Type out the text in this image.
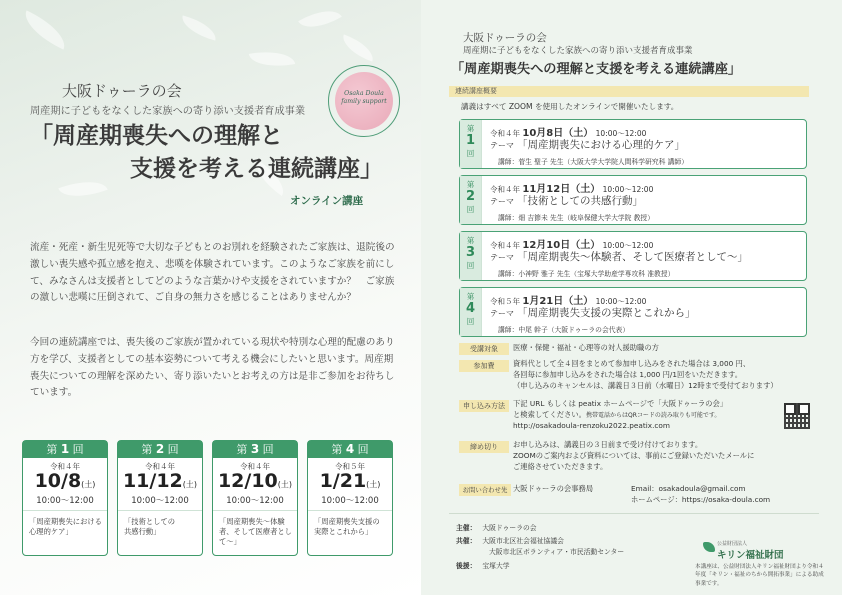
大阪ドゥーラの会
周産期に子どもをなくした家族への寄り添い支援者育成事業
「周産期喪失への理解と
支援を考える連続講座」
Osaka Doula
family support
オンライン講座
流産・死産・新生児死等で大切な子どもとのお別れを経験されたご家族は、退院後の激しい喪失感や孤立感を抱え、悲嘆を体験されています。このようなご家族を前にして、みなさんは支援者としてどのような言葉かけや支援をされていますか？　ご家族の激しい悲嘆に圧倒されて、ご自身の無力さを感じることはありませんか？
今回の連続講座では、喪失後のご家族が置かれている現状や特別な心理的配慮のあり方を学び、支援者としての基本姿勢について考える機会にしたいと思います。周産期喪失についての理解を深めたい、寄り添いたいとお考えの方は是非ご参加をお待ちしています。
第 1 回
令和４年
10/8(土)
10:00〜12:00
「周産期喪失における　心理的ケア」
第 2 回
令和４年
11/12(土)
10:00〜12:00
「技術としての　　　共感行動」
第 3 回
令和４年
12/10(土)
10:00〜12:00
「周産期喪失〜体験者、そして医療者として〜」
第 4 回
令和５年
1/21(土)
10:00〜12:00
「周産期喪失支援の　実際とこれから」
大阪ドゥーラの会
周産期に子どもをなくした家族への寄り添い支援者育成事業
「周産期喪失への理解と支援を考える連続講座」
連続講座概要
講義はすべて ZOOM を使用したオンラインで開催いたします。
第
1
回
令和４年 10月8日（土） 10:00〜12:00
テーマ 「周産期喪失における心理的ケア」
講師：菅生 聖子 先生（大阪大学大学院人間科学研究科 講師）
第
2
回
令和４年 11月12日（土） 10:00〜12:00
テーマ 「技術としての共感行動」
講師：畑 吉節未 先生（岐阜保健大学大学院 教授）
第
3
回
令和４年 12月10日（土） 10:00〜12:00
テーマ 「周産期喪失〜体験者、そして医療者として〜」
講師：小神野 雅子 先生（宝塚大学助産学専攻科 准教授）
第
4
回
令和５年 1月21日（土） 10:00〜12:00
テーマ 「周産期喪失支援の実際とこれから」
講師：中尾 幹子（大阪ドゥーラの会代表）
受講対象	医療・保健・福祉・心理等の対人援助職の方
参加費	資料代として全４回をまとめて参加申し込みをされた場合は 3,000 円、
各回毎に参加申し込みをされた場合は 1,000 円/1回をいただきます。
（申し込みのキャンセルは、講義日３日前（水曜日）12時まで受付ております）
申し込み方法	下記 URL もしくは peatix ホームページで「大阪ドゥーラの会」
と検索してください。携帯電話からはQRコードの読み取りも可能です。
http://osakadoula-renzoku2022.peatix.com
締め切り	お申し込みは、講義日の３日前まで受け付けております。
ZOOMのご案内および資料については、事前にご登録いただいたメールに
ご連絡させていただきます。
お問い合わせ先 大阪ドゥーラの会事務局	Email：osakadoula@gmail.com
ホームページ：https://osaka-doula.com
主催： 大阪ドゥーラの会
共催： 大阪市北区社会福祉協議会
大阪市北区ボランティア・市民活動センター
後援： 宝塚大学
公益財団法人
キリン福祉財団
本講座は、公益財団法人キリン福祉財団より令和４年度「キリン・福祉のちから開拓事業」による助成事業です。
